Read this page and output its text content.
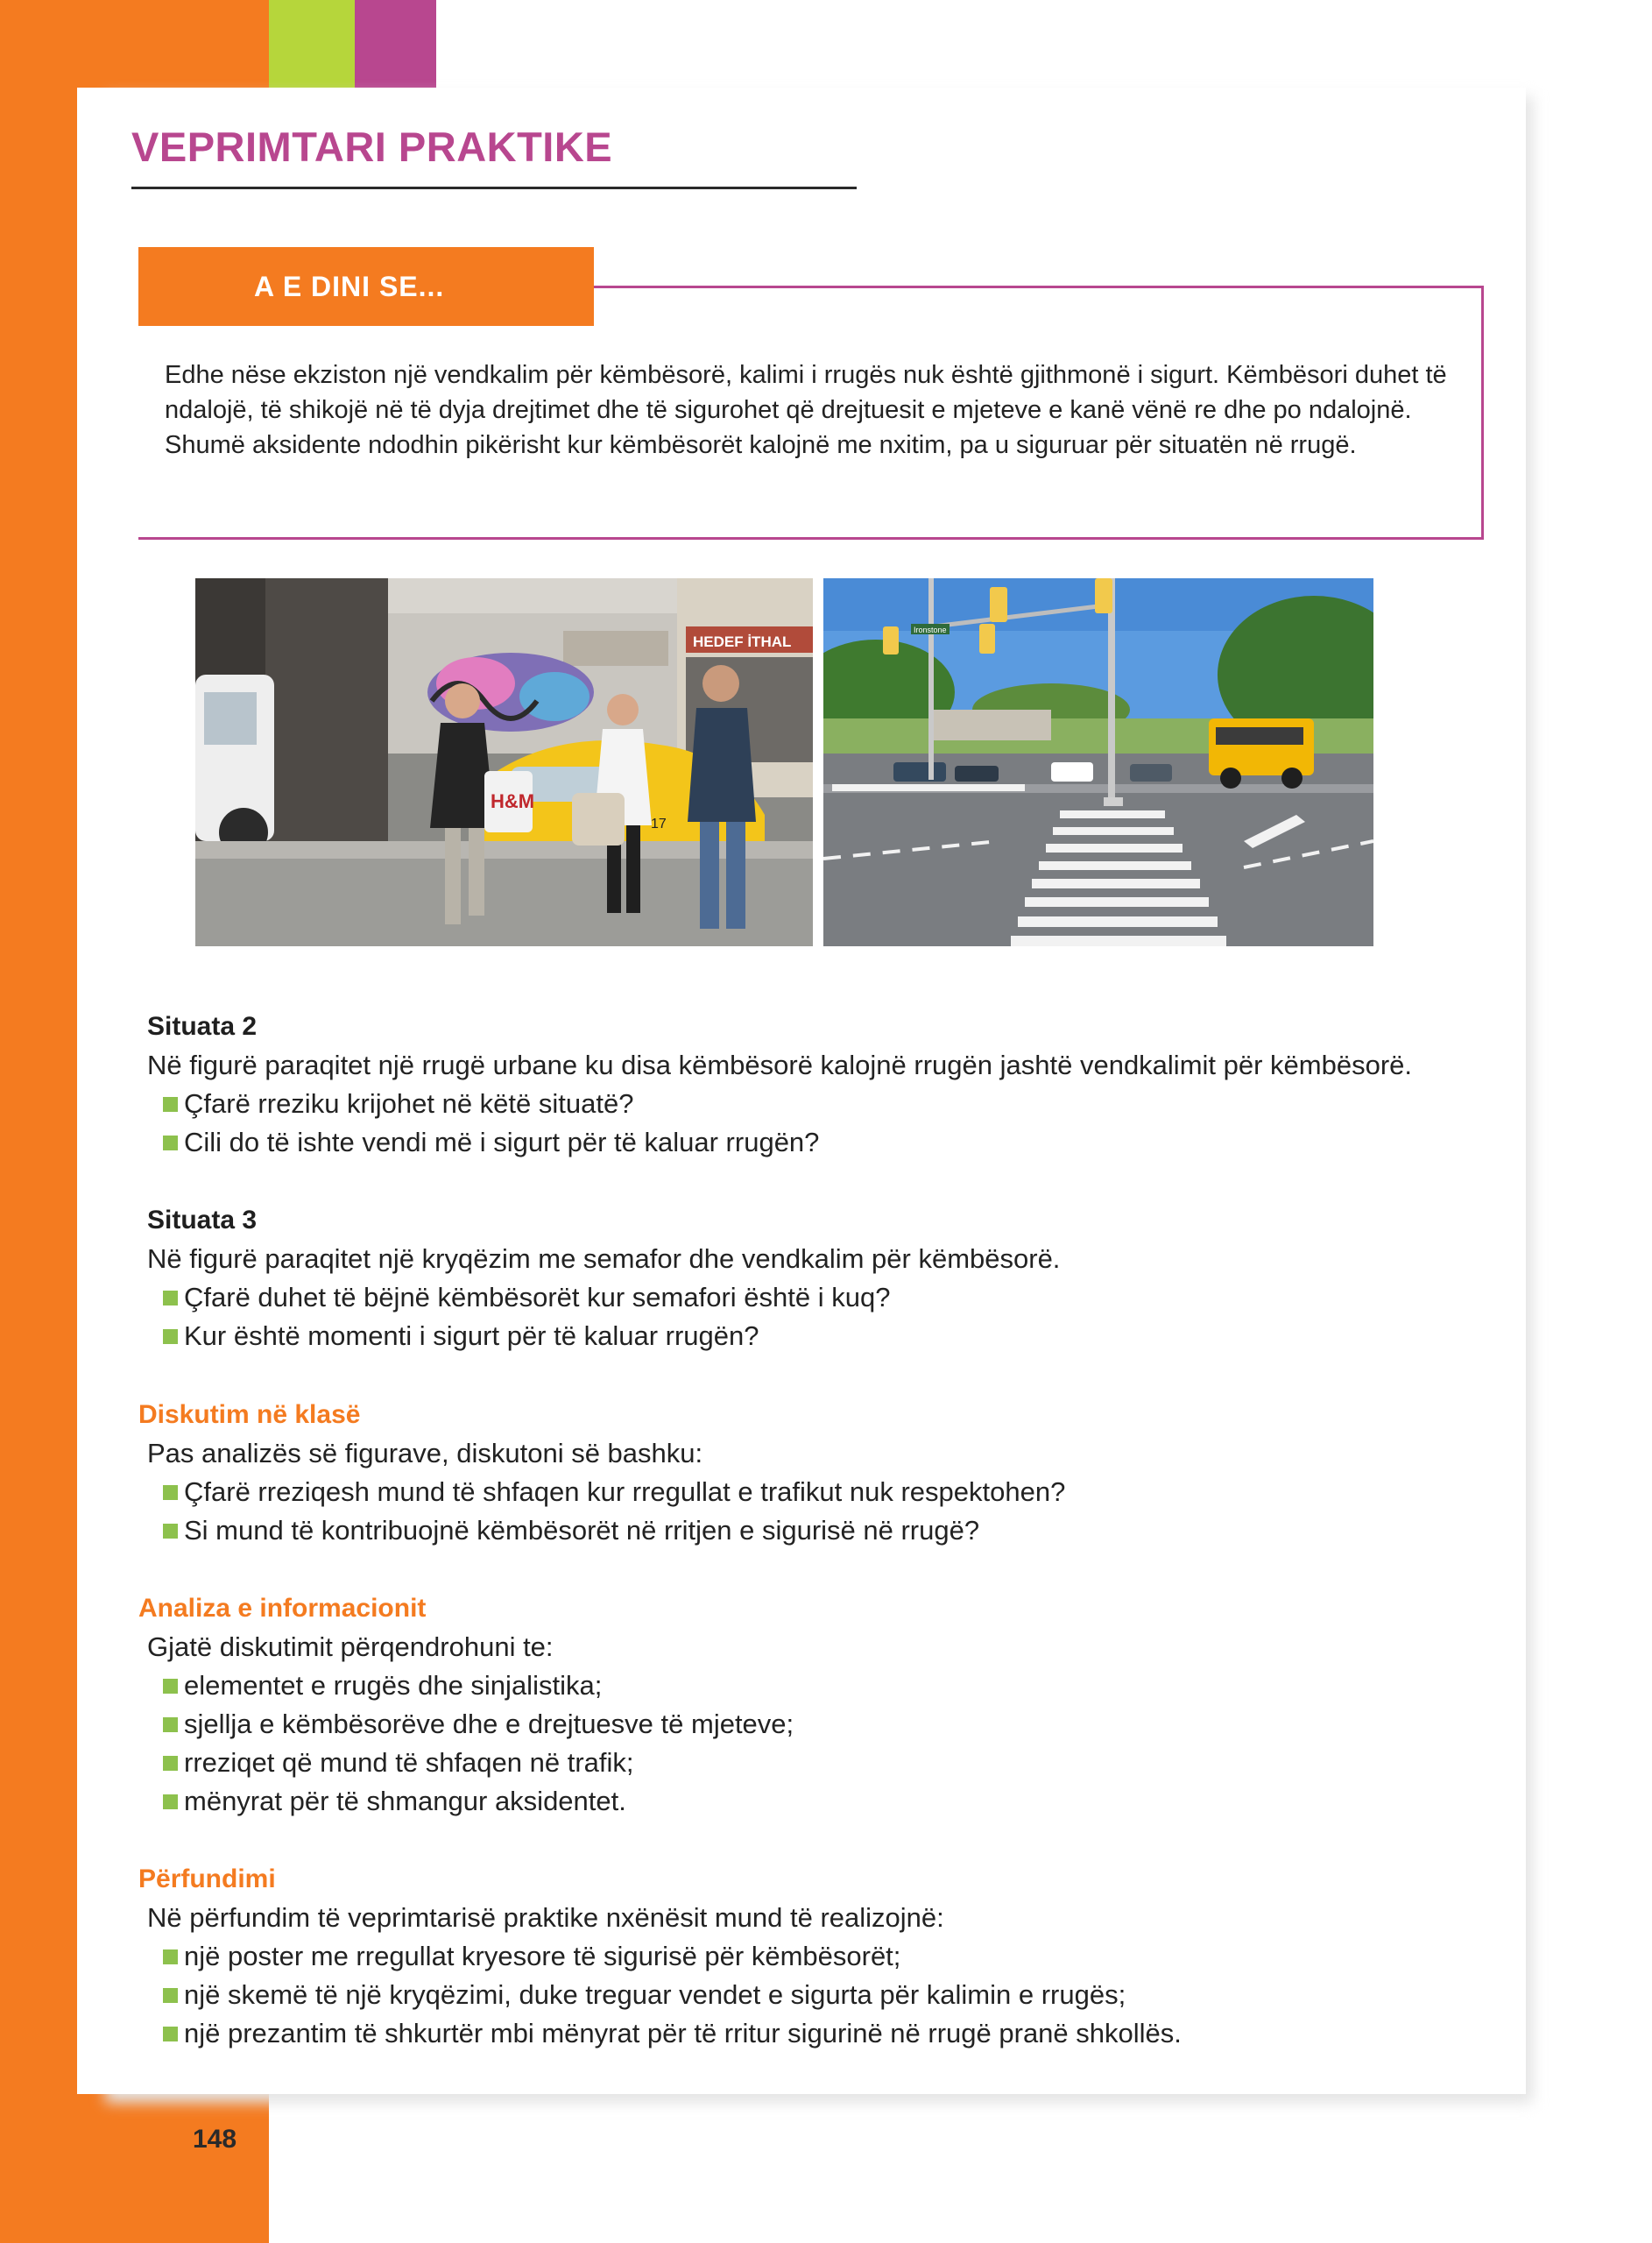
VEPRIMTARI PRAKTIKE
A E DINI SE...

Edhe nëse ekziston një vendkalim për këmbësorë, kalimi i rrugës nuk është gjithmonë i sigurt. Këmbësori duhet të ndalojë, të shikojë në të dyja drejtimet dhe të sigurohet që drejtuesit e mjeteve e kanë vënë re dhe po ndalojnë. Shumë aksidente ndodhin pikërisht kur këmbësorët kalojnë me nxitim, pa u siguruar për situatën në rrugë.

HEDEF İTHAL
H&M
17
Ironstone

Situata 2

Në figurë paraqitet një rrugë urbane ku disa këmbësorë kalojnë rrugën jashtë vendkalimit për këmbësorë.

Çfarë rreziku krijohet në këtë situatë?
Cili do të ishte vendi më i sigurt për të kaluar rrugën?

Situata 3

Në figurë paraqitet një kryqëzim me semafor dhe vendkalim për këmbësorë.

Çfarë duhet të bëjnë këmbësorët kur semafori është i kuq?
Kur është momenti i sigurt për të kaluar rrugën?

Diskutim në klasë

Pas analizës së figurave, diskutoni së bashku:

Çfarë rreziqesh mund të shfaqen kur rregullat e trafikut nuk respektohen?
Si mund të kontribuojnë këmbësorët në rritjen e sigurisë në rrugë?

Analiza e informacionit

Gjatë diskutimit përqendrohuni te:

elementet e rrugës dhe sinjalistika;
sjellja e këmbësorëve dhe e drejtuesve të mjeteve;
rreziqet që mund të shfaqen në trafik;
mënyrat për të shmangur aksidentet.

Përfundimi

Në përfundim të veprimtarisë praktike nxënësit mund të realizojnë:

një poster me rregullat kryesore të sigurisë për këmbësorët;
një skemë të një kryqëzimi, duke treguar vendet e sigurta për kalimin e rrugës;
një prezantim të shkurtër mbi mënyrat për të rritur sigurinë në rrugë pranë shkollës.
148
